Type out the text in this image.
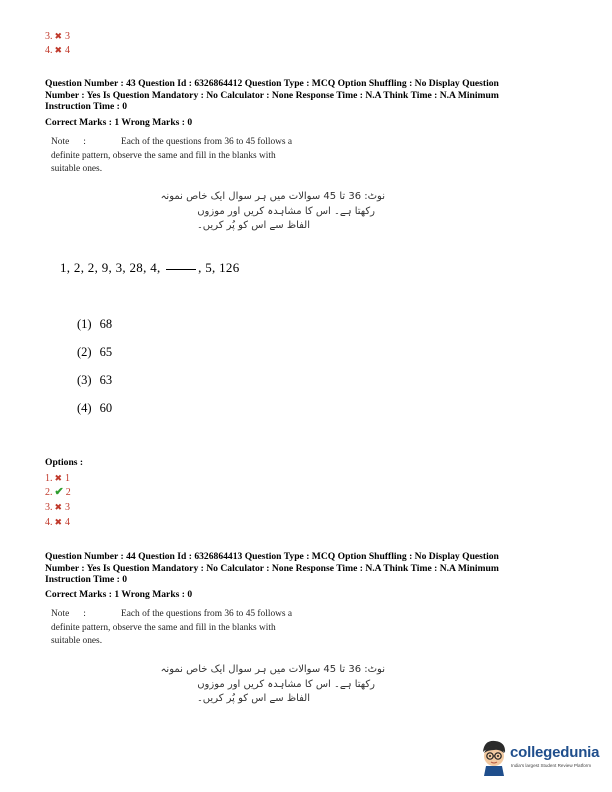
3. ✖ 3
4. ✖ 4
Question Number : 43 Question Id : 6326864412 Question Type : MCQ Option Shuffling : No Display Question
Number : Yes Is Question Mandatory : No Calculator : None Response Time : N.A Think Time : N.A Minimum
Instruction Time : 0
Correct Marks : 1 Wrong Marks : 0
Note :	Each of the questions from 36 to 45 follows a
definite pattern, observe the same and fill in the blanks with
suitable ones.
نوٹ: 36 تا 45 سوالات میں ہر سوال ایک خاص نمونہ
رکھتا ہے۔ اس کا مشاہدہ کریں اور موزوں
الفاظ سے اس کو پُر کریں۔
1, 2, 2, 9, 3, 28, 4,	, 5, 126
(1) 68
(2) 65
(3) 63
(4) 60
Options :
1. ✖ 1
2. ✔ 2
3. ✖ 3
4. ✖ 4
Question Number : 44 Question Id : 6326864413 Question Type : MCQ Option Shuffling : No Display Question
Number : Yes Is Question Mandatory : No Calculator : None Response Time : N.A Think Time : N.A Minimum
Instruction Time : 0
Correct Marks : 1 Wrong Marks : 0
Note :	Each of the questions from 36 to 45 follows a
definite pattern, observe the same and fill in the blanks with
suitable ones.
نوٹ: 36 تا 45 سوالات میں ہر سوال ایک خاص نمونہ
رکھتا ہے۔ اس کا مشاہدہ کریں اور موزوں
الفاظ سے اس کو پُر کریں۔
collegedunia
India's largest Student Review Platform
